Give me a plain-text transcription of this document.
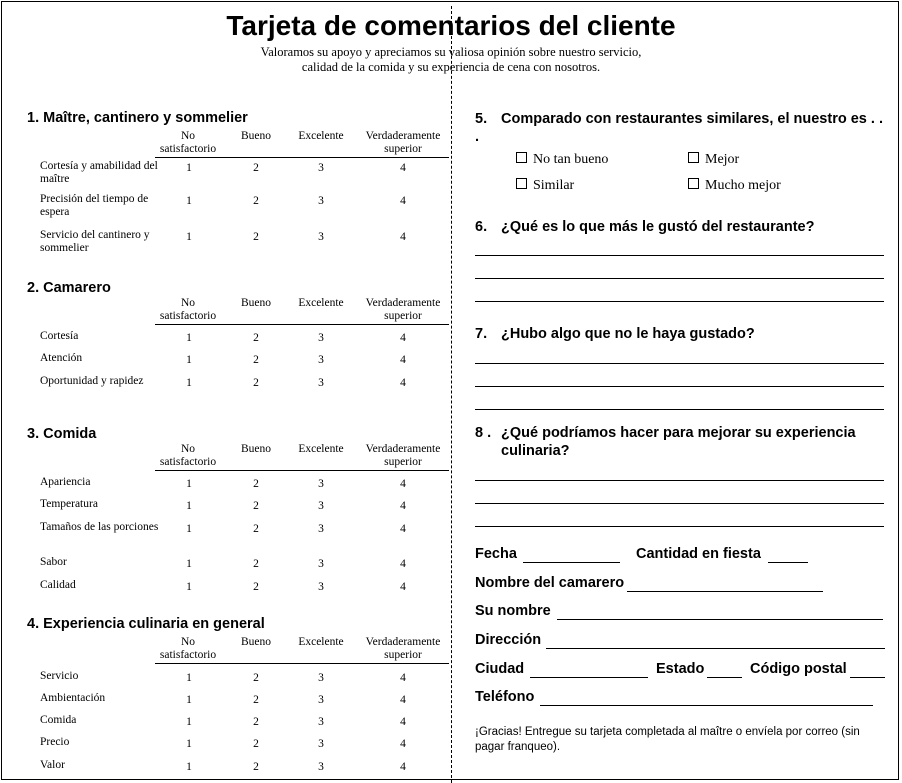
Tarjeta de comentarios del cliente
Valoramos su apoyo y apreciamos su valiosa opinión sobre nuestro servicio,
calidad de la comida y su experiencia de cena con nosotros.
1. Maître, cantinero y sommelier
No
satisfactorio
Bueno	Excelente	Verdaderamente
superior
Cortesía y amabilidad del maître
1	2	3	4
Precisión del tiempo de espera
1	2	3	4
Servicio del cantinero y sommelier
1	2	3	4
2. Camarero
No
satisfactorio
Bueno	Excelente	Verdaderamente
superior
Cortesía	1	2	3	4
Atención	1	2	3	4
Oportunidad y rapidez	1	2	3	4
3. Comida
No
satisfactorio
Bueno	Excelente	Verdaderamente
superior
Apariencia	1	2	3	4
Temperatura	1	2	3	4
Tamaños de las porciones	1	2	3	4
Sabor	1	2	3	4
Calidad	1	2	3	4
4. Experiencia culinaria en general
No
satisfactorio
Bueno	Excelente	Verdaderamente
superior
Servicio	1	2	3	4
Ambientación	1	2	3	4
Comida	1	2	3	4
Precio	1	2	3	4
Valor	1	2	3	4
5. Comparado con restaurantes similares, el nuestro es . . .
No tan bueno	Mejor
Similar	Mucho mejor
6. ¿Qué es lo que más le gustó del restaurante?
7. ¿Hubo algo que no le haya gustado?
8 . ¿Qué podríamos hacer para mejorar su experiencia culinaria?
Fecha	Cantidad en fiesta
Nombre del camarero
Su nombre
Dirección
Ciudad	Estado	Código postal
Teléfono
¡Gracias! Entregue su tarjeta completada al maître o envíela por correo (sin pagar franqueo).
